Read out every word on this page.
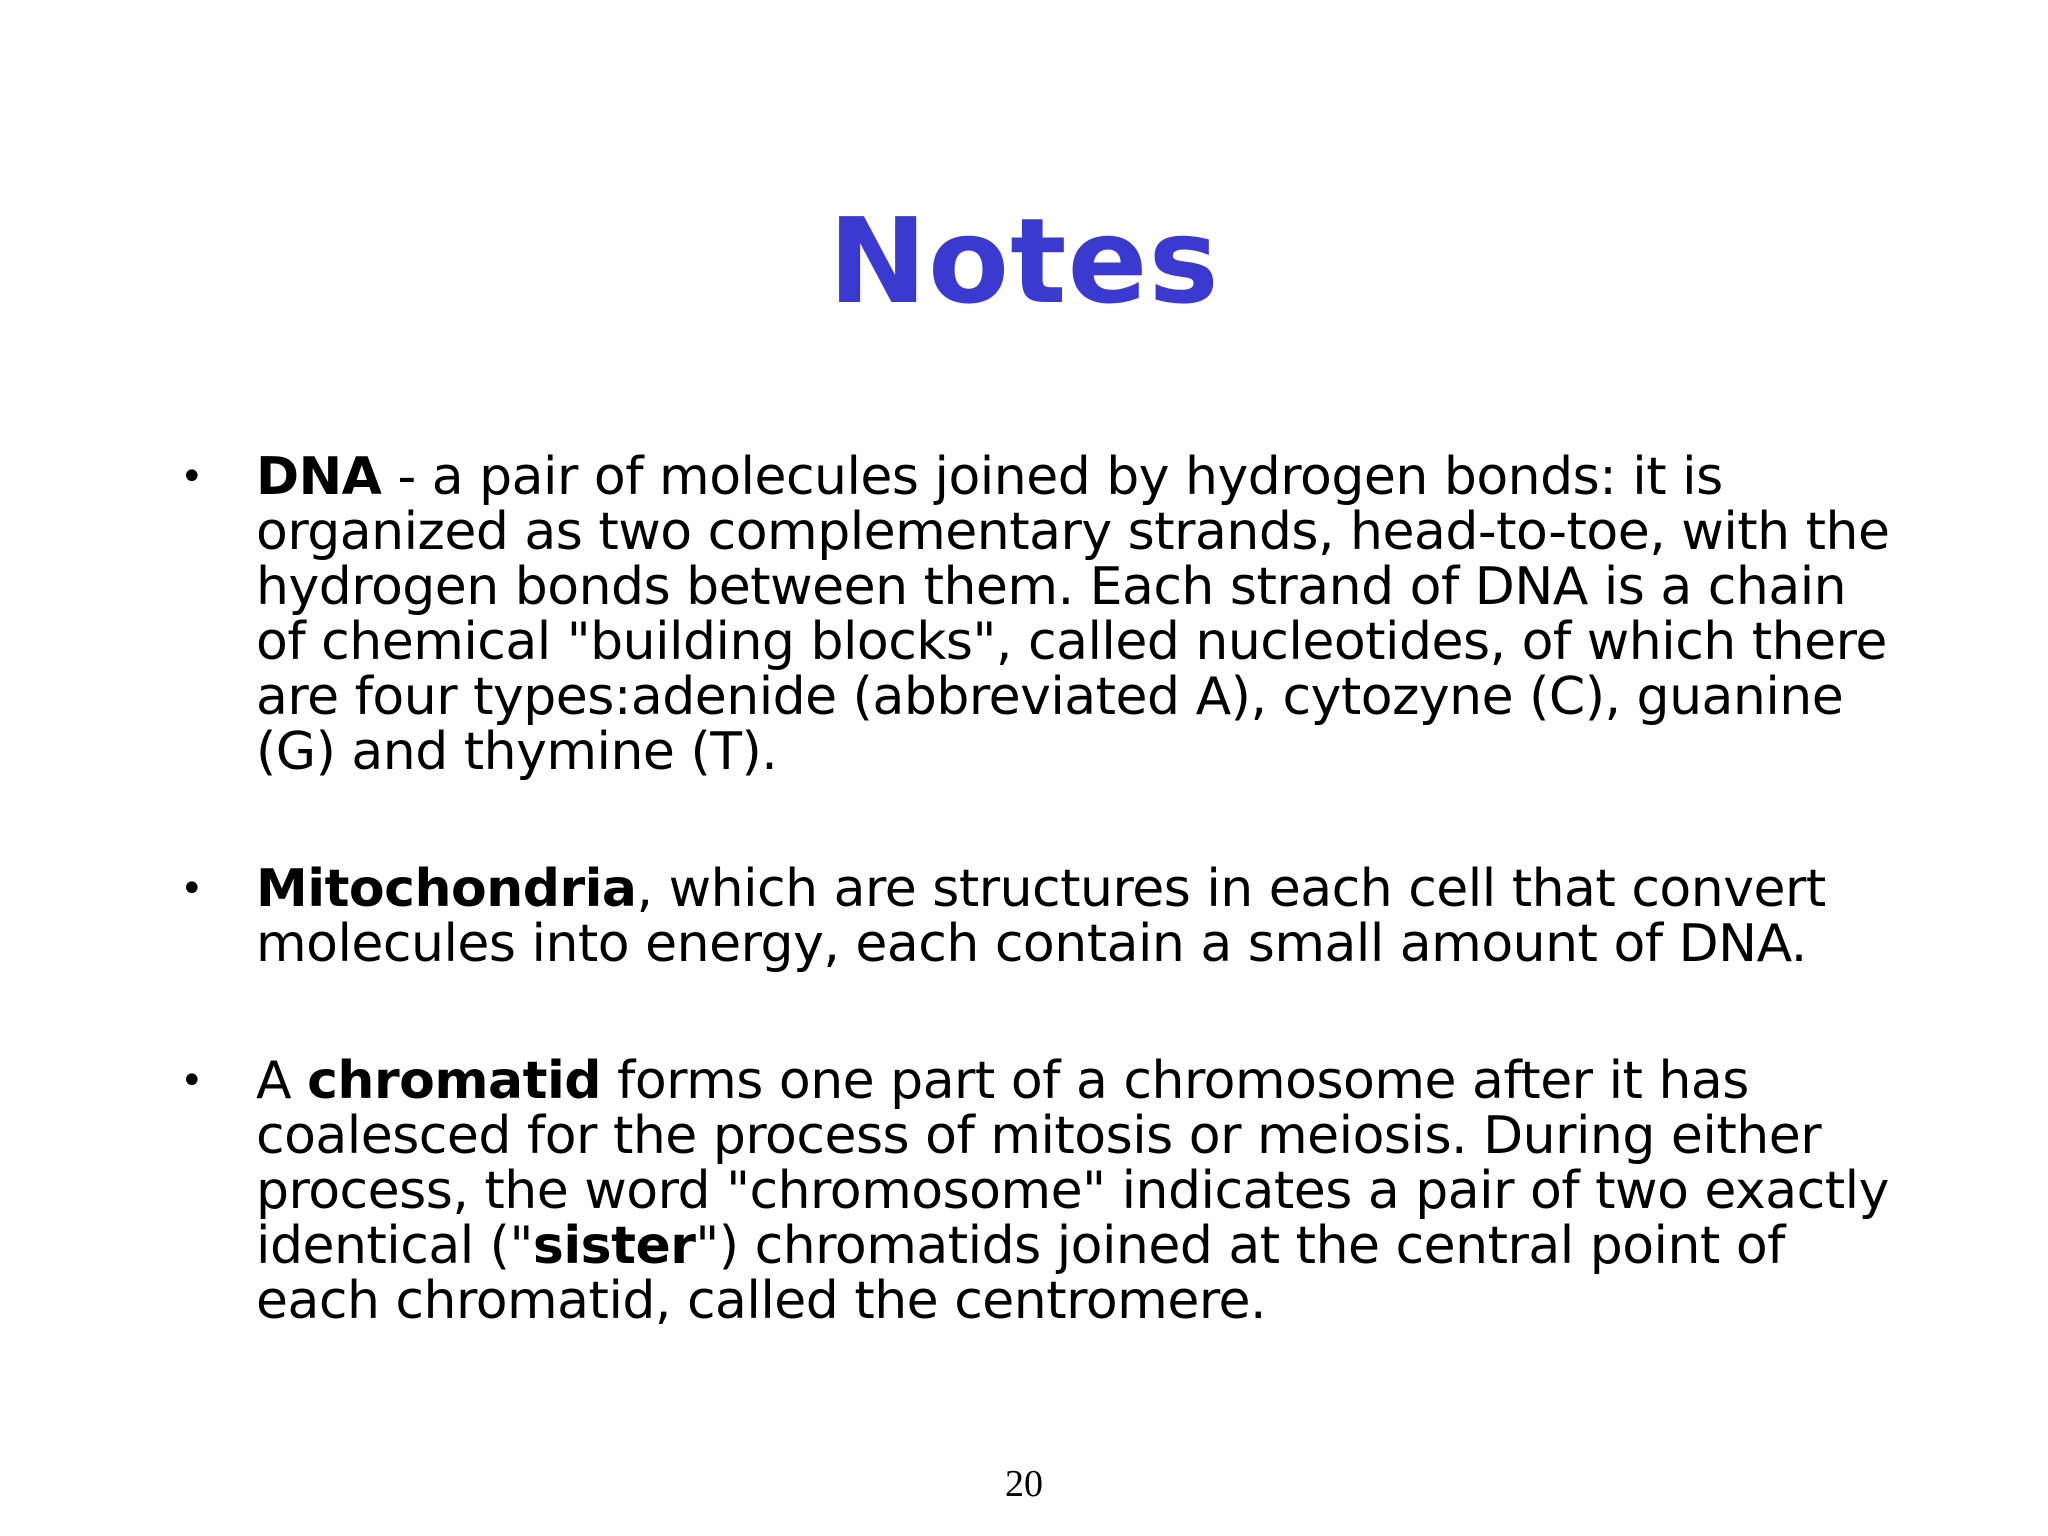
Notes
•	DNA - a pair of molecules joined by hydrogen bonds: it is organized as two complementary strands, head-to-toe, with the hydrogen bonds between them. Each strand of DNA is a chain of chemical "building blocks", called nucleotides, of which there are four types:adenide (abbreviated A), cytozyne (C), guanine (G) and thymine (T).
•	Mitochondria, which are structures in each cell that convert molecules into energy, each contain a small amount of DNA.
•	A chromatid forms one part of a chromosome after it has coalesced for the process of mitosis or meiosis. During either process, the word "chromosome" indicates a pair of two exactly identical ("sister") chromatids joined at the central point of each chromatid, called the centromere.
20
